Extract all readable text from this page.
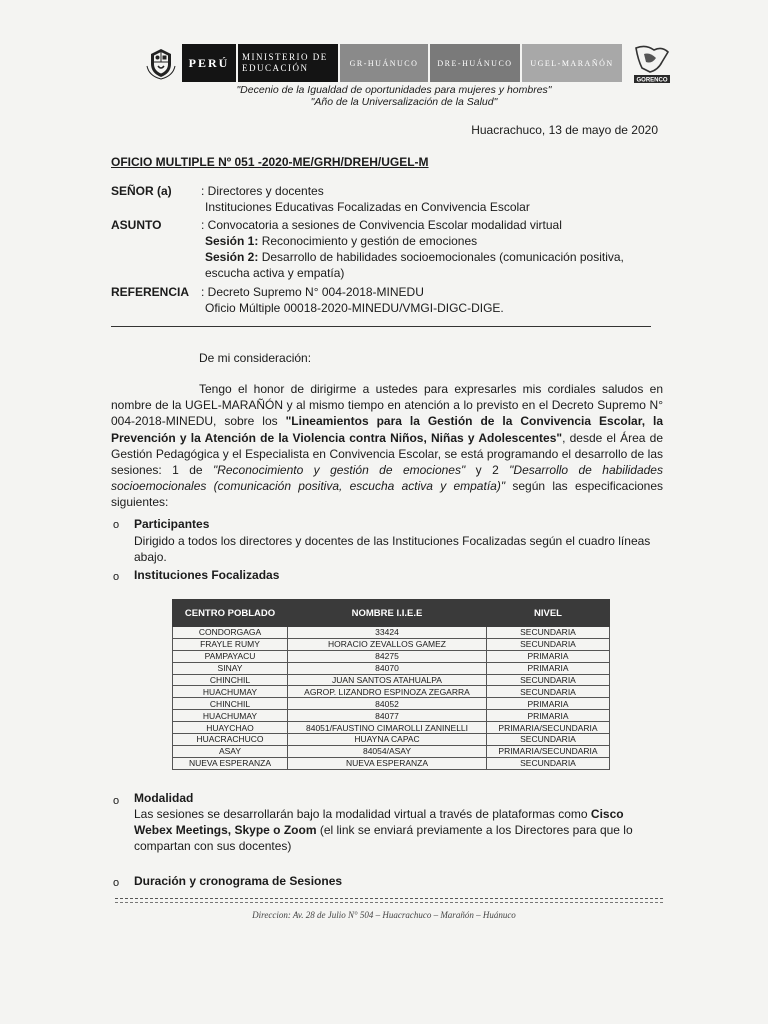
PERÚ	MINISTERIO DE
EDUCACIÓN	GR-HUÁNUCO	DRE-HUÁNUCO	UGEL-MARAÑÓN
GORENCO
"Decenio de la Igualdad de oportunidades para mujeres y hombres"
"Año de la Universalización de la Salud"
Huacrachuco, 13 de mayo de 2020
OFICIO MULTIPLE Nº 051 -2020-ME/GRH/DREH/UGEL-M
SEÑOR (a) : Directores y docentes
Instituciones Educativas Focalizadas en Convivencia Escolar
ASUNTO	: Convocatoria a sesiones de Convivencia Escolar modalidad virtual
Sesión 1: Reconocimiento y gestión de emociones
Sesión 2: Desarrollo de habilidades socioemocionales (comunicación positiva, escucha activa y empatía)
REFERENCIA : Decreto Supremo N° 004-2018-MINEDU
Oficio Múltiple 00018-2020-MINEDU/VMGI-DIGC-DIGE.
De mi consideración:
Tengo el honor de dirigirme a ustedes para expresarles mis cordiales saludos en nombre de la UGEL-MARAÑÓN y al mismo tiempo en atención a lo previsto en el Decreto Supremo N° 004-2018-MINEDU, sobre los "Lineamientos para la Gestión de la Convivencia Escolar, la Prevención y la Atención de la Violencia contra Niños, Niñas y Adolescentes", desde el Área de Gestión Pedagógica y el Especialista en Convivencia Escolar, se está programando el desarrollo de las sesiones: 1 de "Reconocimiento y gestión de emociones" y 2 "Desarrollo de habilidades socioemocionales (comunicación positiva, escucha activa y empatía)" según las especificaciones siguientes:
o Participantes
Dirigido a todos los directores y docentes de las Instituciones Focalizadas según el cuadro líneas abajo.
o Instituciones Focalizadas
CENTRO POBLADO	NOMBRE I.I.E.E	NIVEL
CONDORGAGA	33424	SECUNDARIA
FRAYLE RUMY	HORACIO ZEVALLOS GAMEZ	SECUNDARIA
PAMPAYACU	84275	PRIMARIA
SINAY	84070	PRIMARIA
CHINCHIL	JUAN SANTOS ATAHUALPA	SECUNDARIA
HUACHUMAY	AGROP. LIZANDRO ESPINOZA ZEGARRA	SECUNDARIA
CHINCHIL	84052	PRIMARIA
HUACHUMAY	84077	PRIMARIA
HUAYCHAO	84051/FAUSTINO CIMAROLLI ZANINELLI	PRIMARIA/SECUNDARIA
HUACRACHUCO	HUAYNA CAPAC	SECUNDARIA
ASAY	84054/ASAY	PRIMARIA/SECUNDARIA
NUEVA ESPERANZA	NUEVA ESPERANZA	SECUNDARIA
o Modalidad
Las sesiones se desarrollarán bajo la modalidad virtual a través de plataformas como Cisco Webex Meetings, Skype o Zoom (el link se enviará previamente a los Directores para que lo compartan con sus docentes)
o Duración y cronograma de Sesiones
Direccion: Av. 28 de Julio N° 504 – Huacrachuco – Marañón – Huánuco
